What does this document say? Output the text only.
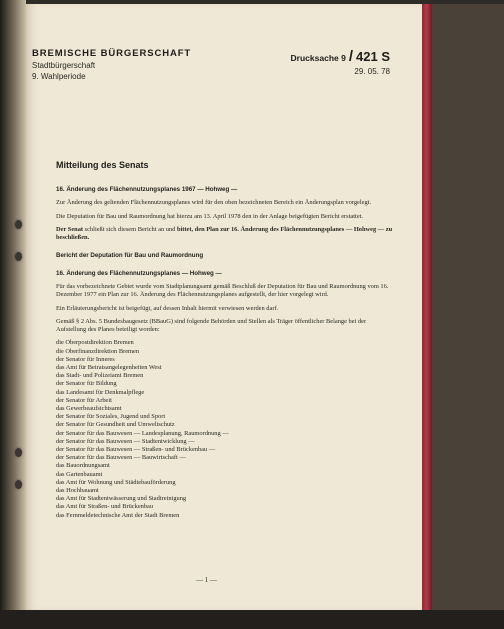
BREMISCHE BÜRGERSCHAFT
Stadtbürgerschaft
9. Wahlperiode
Drucksache 9 / 421 S
29. 05. 78
Mitteilung des Senats
16. Änderung des Flächennutzungsplanes 1967 — Hohweg —

Zur Änderung des geltenden Flächennutzungsplanes wird für den oben bezeichneten Bereich ein Änderungsplan vorgelegt.

Die Deputation für Bau und Raumordnung hat hierzu am 13. April 1978 den in der Anlage beigefügten Bericht erstattet.

Der Senat schließt sich diesem Bericht an und bittet, den Plan zur 16. Änderung des Flächennutzungsplanes — Hohweg — zu beschließen.

Bericht der Deputation für Bau und Raumordnung
16. Änderung des Flächennutzungsplanes — Hohweg —

Für das vorbezeichnete Gebiet wurde vom Stadtplanungsamt gemäß Beschluß der Deputation für Bau und Raumordnung vom 16. Dezember 1977 ein Plan zur 16. Änderung des Flächennutzungsplanes aufgestellt, der hier vorgelegt wird.

Ein Erläuterungsbericht ist beigefügt, auf dessen Inhalt hiermit verwiesen werden darf.

Gemäß § 2 Abs. 5 Bundesbaugesetz (BBauG) sind folgende Behörden und Stellen als Träger öffentlicher Belange bei der Aufstellung des Planes beteiligt worden:

die Oberpostdirektion Bremen
die Oberfinanzdirektion Bremen
der Senator für Inneres
das Amt für Beiratsangelegenheiten West
das Stadt- und Polizeiamt Bremen
der Senator für Bildung
das Landesamt für Denkmalpflege
der Senator für Arbeit
das Gewerbeaufsichtsamt
der Senator für Soziales, Jugend und Sport
der Senator für Gesundheit und Umweltschutz
der Senator für das Bauwesen — Landesplanung, Raumordnung —
der Senator für das Bauwesen — Stadtentwicklung —
der Senator für das Bauwesen — Straßen- und Brückenbau —
der Senator für das Bauwesen — Bauwirtschaft —
das Bauordnungsamt
das Gartenbauamt
das Amt für Wohnung und Städtebauförderung
das Hochbauamt
das Amt für Stadtentwässerung und Stadtreinigung
das Amt für Straßen- und Brückenbau
das Fernmeldetechnische Amt der Stadt Bremen
— 1 —
